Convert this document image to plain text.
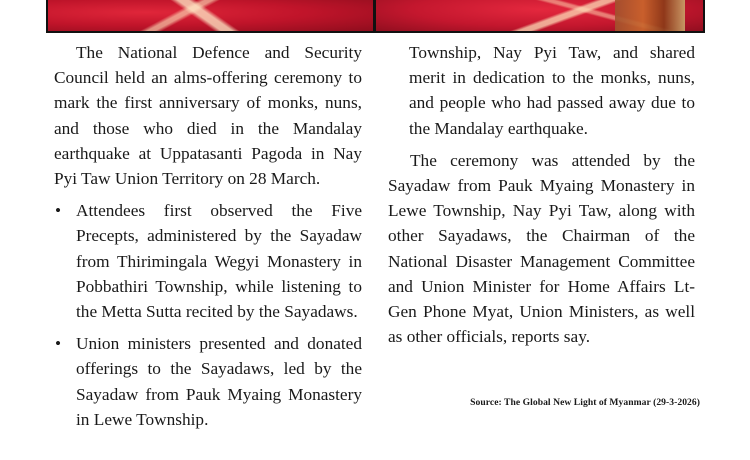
The National Defence and Security Council held an alms-offering ceremony to mark the first anniversary of monks, nuns, and those who died in the Mandalay earthquake at Uppatasanti Pagoda in Nay Pyi Taw Union Territory on 28 March.

• Attendees first observed the Five Precepts, administered by the Sayadaw from Thirimingala Wegyi Monastery in Pobbathiri Township, while listening to the Metta Sutta recited by the Sayadaws.
• Union ministers presented and donated offerings to the Sayadaws, led by the Sayadaw from Pauk Myaing Monastery in Lewe Township.

Township, Nay Pyi Taw, and shared merit in dedication to the monks, nuns, and people who had passed away due to the Mandalay earthquake.

The ceremony was attended by the Sayadaw from Pauk Myaing Monastery in Lewe Township, Nay Pyi Taw, along with other Sayadaws, the Chairman of the National Disaster Management Committee and Union Minister for Home Affairs Lt-Gen Phone Myat, Union Ministers, as well as other officials, reports say.

Source: The Global New Light of Myanmar (29-3-2026)
